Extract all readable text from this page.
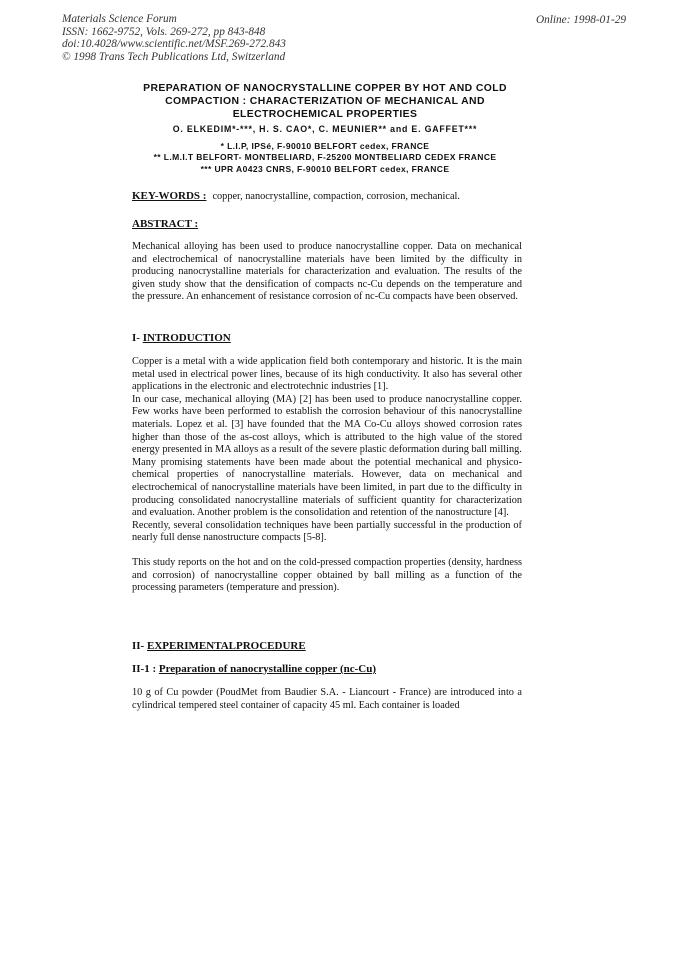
Materials Science Forum
ISSN: 1662-9752, Vols. 269-272, pp 843-848
doi:10.4028/www.scientific.net/MSF.269-272.843
© 1998 Trans Tech Publications Ltd, Switzerland
Online: 1998-01-29
PREPARATION OF NANOCRYSTALLINE COPPER BY HOT AND COLD
COMPACTION : CHARACTERIZATION OF MECHANICAL AND
ELECTROCHEMICAL PROPERTIES
O. ELKEDIM*-***, H. S. CAO*, C. MEUNIER** and E. GAFFET***
* L.I.P, IPSé, F-90010 BELFORT cedex, FRANCE
** L.M.I.T BELFORT- MONTBELIARD, F-25200 MONTBELIARD CEDEX FRANCE
*** UPR A0423 CNRS, F-90010 BELFORT cedex, FRANCE
KEY-WORDS : copper, nanocrystalline, compaction, corrosion, mechanical.
ABSTRACT :

Mechanical alloying has been used to produce nanocrystalline copper. Data on mechanical and electrochemical of nanocrystalline materials have been limited by the difficulty in producing nanocrystalline materials for characterization and evaluation. The results of the given study show that the densification of compacts nc-Cu depends on the temperature and the pressure. An enhancement of resistance corrosion of nc-Cu compacts have been observed.

I- INTRODUCTION

Copper is a metal with a wide application field both contemporary and historic. It is the main metal used in electrical power lines, because of its high conductivity. It also has several other applications in the electronic and electrotechnic industries [1].

In our case, mechanical alloying (MA) [2] has been used to produce nanocrystalline copper. Few works have been performed to establish the corrosion behaviour of this nanocrystalline materials. Lopez et al. [3] have founded that the MA Co-Cu alloys showed corrosion rates higher than those of the as-cost alloys, which is attributed to the high value of the stored energy presented in MA alloys as a result of the severe plastic deformation during ball milling.

Many promising statements have been made about the potential mechanical and physico-chemical properties of nanocrystalline materials. However, data on mechanical and electrochemical of nanocrystalline materials have been limited, in part due to the difficulty in producing consolidated nanocrystalline materials of sufficient quantity for characterization and evaluation. Another problem is the consolidation and retention of the nanostructure [4].

Recently, several consolidation techniques have been partially successful in the production of nearly full dense nanostructure compacts [5-8].

This study reports on the hot and on the cold-pressed compaction properties (density, hardness and corrosion) of nanocrystalline copper obtained by ball milling as a function of the processing parameters (temperature and pression).

II- EXPERIMENTALPROCEDURE
II-1 : Preparation of nanocrystalline copper (nc-Cu)

10 g of Cu powder (PoudMet from Baudier S.A. - Liancourt - France) are introduced into a cylindrical tempered steel container of capacity 45 ml. Each container is loaded
